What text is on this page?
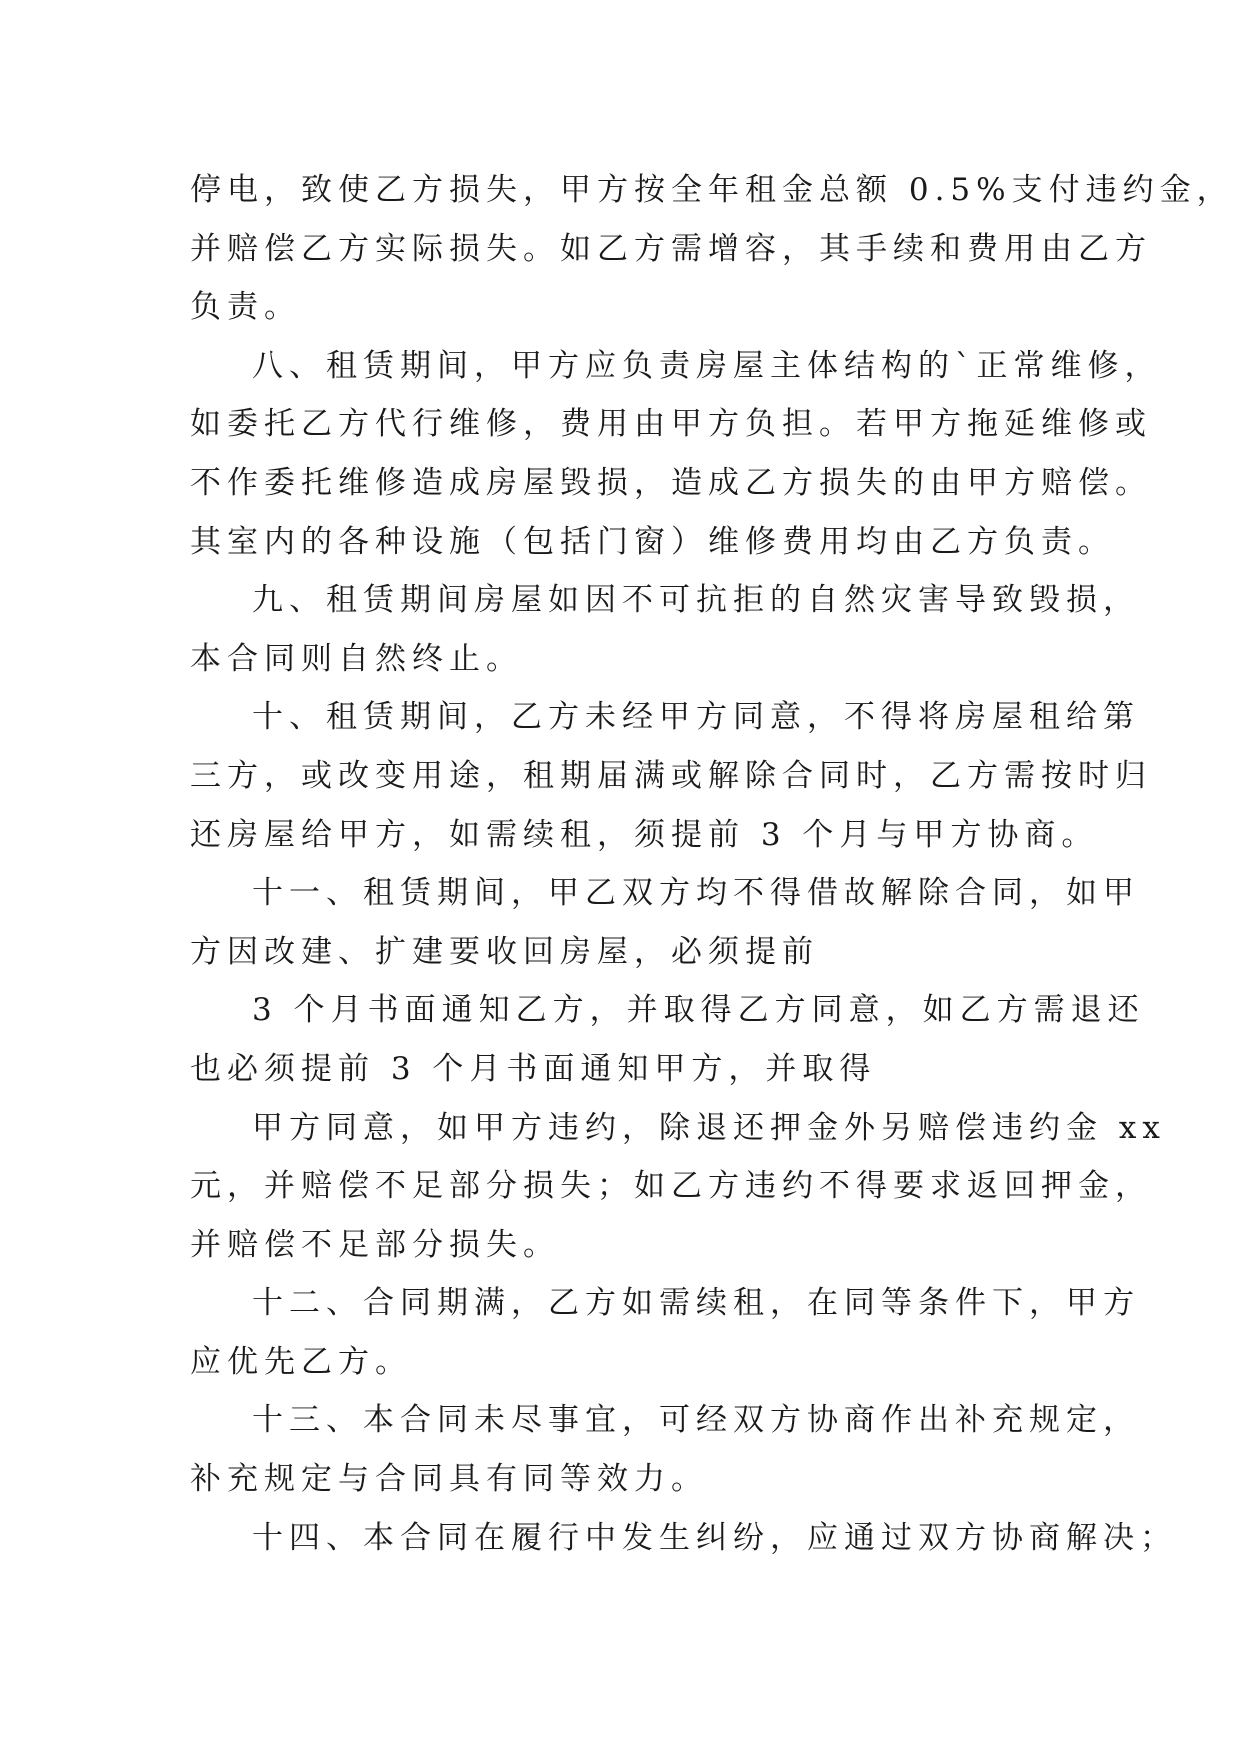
停电，致使乙方损失，甲方按全年租金总额 0.5%支付违约金，
并赔偿乙方实际损失。如乙方需增容，其手续和费用由乙方
负责。
八、租赁期间，甲方应负责房屋主体结构的`正常维修，
如委托乙方代行维修，费用由甲方负担。若甲方拖延维修或
不作委托维修造成房屋毁损，造成乙方损失的由甲方赔偿。
其室内的各种设施（包括门窗）维修费用均由乙方负责。
九、租赁期间房屋如因不可抗拒的自然灾害导致毁损，
本合同则自然终止。
十、租赁期间，乙方未经甲方同意，不得将房屋租给第
三方，或改变用途，租期届满或解除合同时，乙方需按时归
还房屋给甲方，如需续租，须提前 3 个月与甲方协商。
十一、租赁期间，甲乙双方均不得借故解除合同，如甲
方因改建、扩建要收回房屋，必须提前
3 个月书面通知乙方，并取得乙方同意，如乙方需退还
也必须提前 3 个月书面通知甲方，并取得
甲方同意，如甲方违约，除退还押金外另赔偿违约金 xx
元，并赔偿不足部分损失；如乙方违约不得要求返回押金，
并赔偿不足部分损失。
十二、合同期满，乙方如需续租，在同等条件下，甲方
应优先乙方。
十三、本合同未尽事宜，可经双方协商作出补充规定，
补充规定与合同具有同等效力。
十四、本合同在履行中发生纠纷，应通过双方协商解决；
